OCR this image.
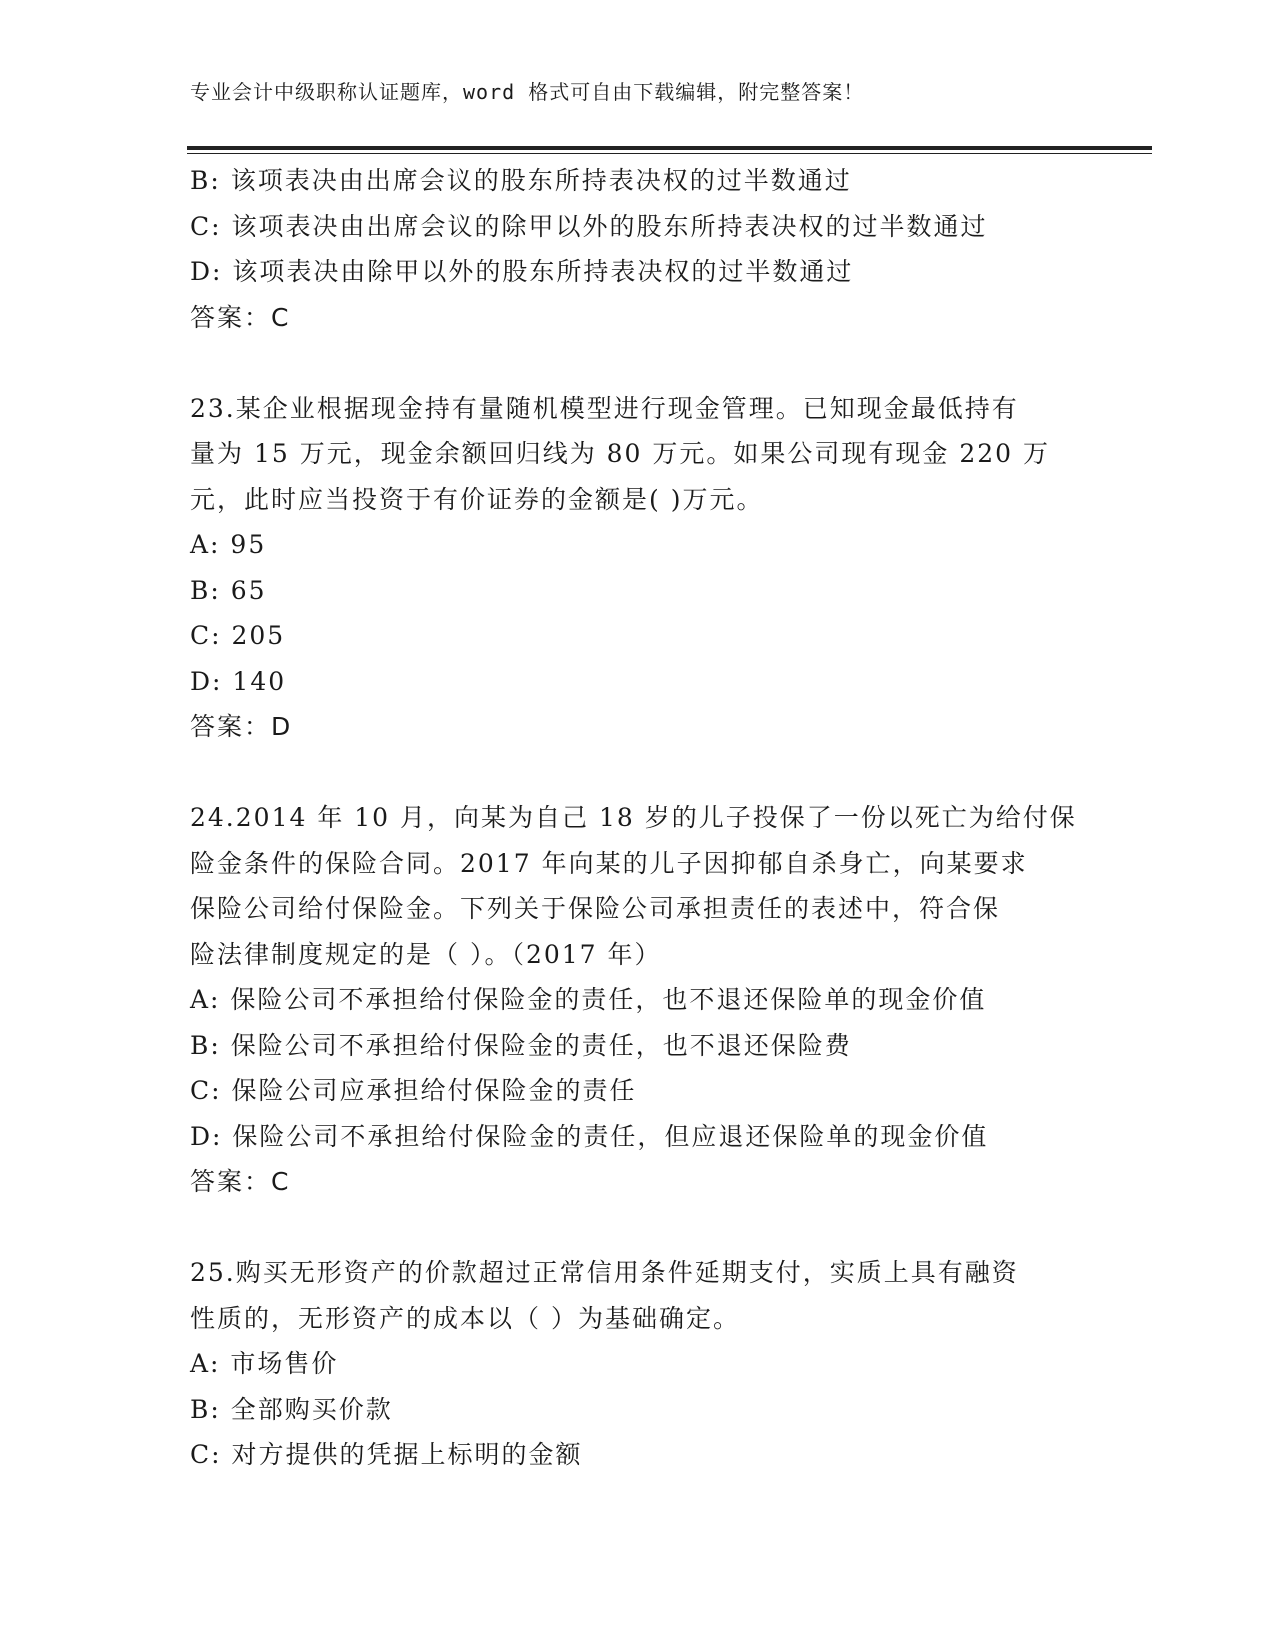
专业会计中级职称认证题库，word 格式可自由下载编辑，附完整答案！
B: 该项表决由出席会议的股东所持表决权的过半数通过
C: 该项表决由出席会议的除甲以外的股东所持表决权的过半数通过
D: 该项表决由除甲以外的股东所持表决权的过半数通过
答案：C
23.某企业根据现金持有量随机模型进行现金管理。已知现金最低持有
量为 15 万元，现金余额回归线为 80 万元。如果公司现有现金 220 万
元，此时应当投资于有价证券的金额是( )万元。
A: 95
B: 65
C: 205
D: 140
答案：D
24.2014 年 10 月，向某为自己 18 岁的儿子投保了一份以死亡为给付保
险金条件的保险合同。2017 年向某的儿子因抑郁自杀身亡，向某要求
保险公司给付保险金。下列关于保险公司承担责任的表述中，符合保
险法律制度规定的是（ ）。（2017 年）
A: 保险公司不承担给付保险金的责任，也不退还保险单的现金价值
B: 保险公司不承担给付保险金的责任，也不退还保险费
C: 保险公司应承担给付保险金的责任
D: 保险公司不承担给付保险金的责任，但应退还保险单的现金价值
答案：C
25.购买无形资产的价款超过正常信用条件延期支付，实质上具有融资
性质的，无形资产的成本以（ ）为基础确定。
A: 市场售价
B: 全部购买价款
C: 对方提供的凭据上标明的金额
